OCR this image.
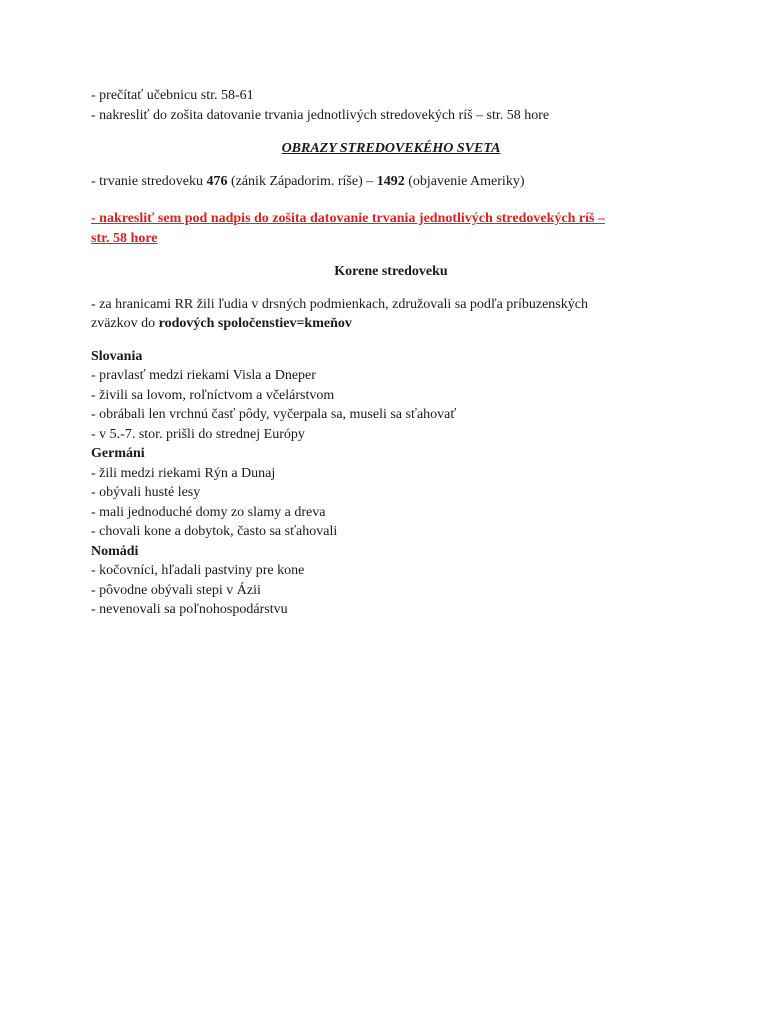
- prečítať učebnicu str. 58-61
- nakresliť do zošita datovanie trvania jednotlivých stredovekých ríš – str. 58 hore
OBRAZY STREDOVEKÉHO SVETA
- trvanie stredoveku 476 (zánik Západorim. ríše) – 1492 (objavenie Ameriky)
- nakresliť sem pod nadpis do zošita datovanie trvania jednotlivých stredovekých ríš –
str. 58 hore
Korene stredoveku
- za hranicami RR žili ľudia v drsných podmienkach, združovali sa podľa príbuzenských
zväzkov do rodových spoločenstiev=kmeňov
Slovania
- pravlasť medzi riekami Visla a Dneper
- živili sa lovom, roľníctvom a včelárstvom
- obrábali len vrchnú časť pôdy, vyčerpala sa, museli sa sťahovať
- v 5.-7. stor. prišli do strednej Európy
Germáni
- žili medzi riekami Rýn a Dunaj
- obývali husté lesy
- mali jednoduché domy zo slamy a dreva
- chovali kone a dobytok, často sa sťahovali
Nomádi
- kočovníci, hľadali pastviny pre kone
- pôvodne obývali stepi v Ázii
- nevenovali sa poľnohospodárstvu
